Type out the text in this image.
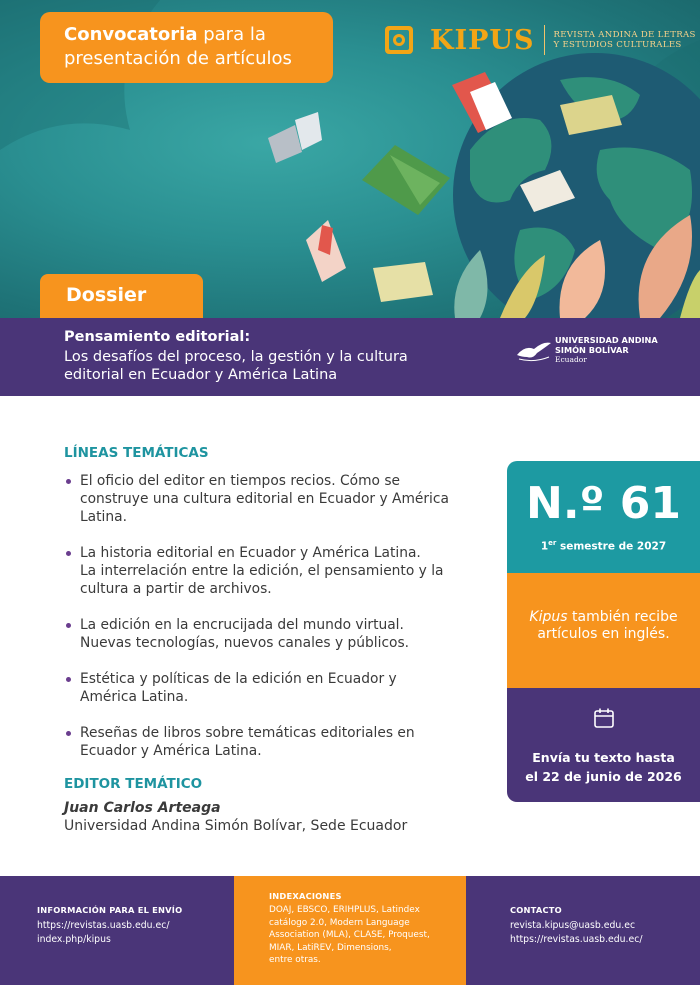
Convocatoria para la
presentación de artículos
KIPUS REVISTA ANDINA DE LETRAS
Y ESTUDIOS CULTURALES
Dossier
Pensamiento editorial:
Los desafíos del proceso, la gestión y la cultura
editorial en Ecuador y América Latina
UNIVERSIDAD ANDINA
SIMÓN BOLÍVAR
Ecuador
LÍNEAS TEMÁTICAS
El oficio del editor en tiempos recios. Cómo se
construye una cultura editorial en Ecuador y América
Latina.
La historia editorial en Ecuador y América Latina.
La interrelación entre la edición, el pensamiento y la
cultura a partir de archivos.
La edición en la encrucijada del mundo virtual.
Nuevas tecnologías, nuevos canales y públicos.
Estética y políticas de la edición en Ecuador y
América Latina.
Reseñas de libros sobre temáticas editoriales en
Ecuador y América Latina.
EDITOR TEMÁTICO
Juan Carlos Arteaga
Universidad Andina Simón Bolívar, Sede Ecuador
N.º 61
1er semestre de 2027
Kipus también recibe
artículos en inglés.
Envía tu texto hasta
el 22 de junio de 2026
INFORMACIÓN PARA EL ENVÍO
https://revistas.uasb.edu.ec/
index.php/kipus
INDEXACIONES
DOAJ, EBSCO, ERIHPLUS, Latindex
catálogo 2.0, Modern Language
Association (MLA), CLASE, Proquest,
MIAR, LatiREV, Dimensions,
entre otras.
CONTACTO
revista.kipus@uasb.edu.ec
https://revistas.uasb.edu.ec/
